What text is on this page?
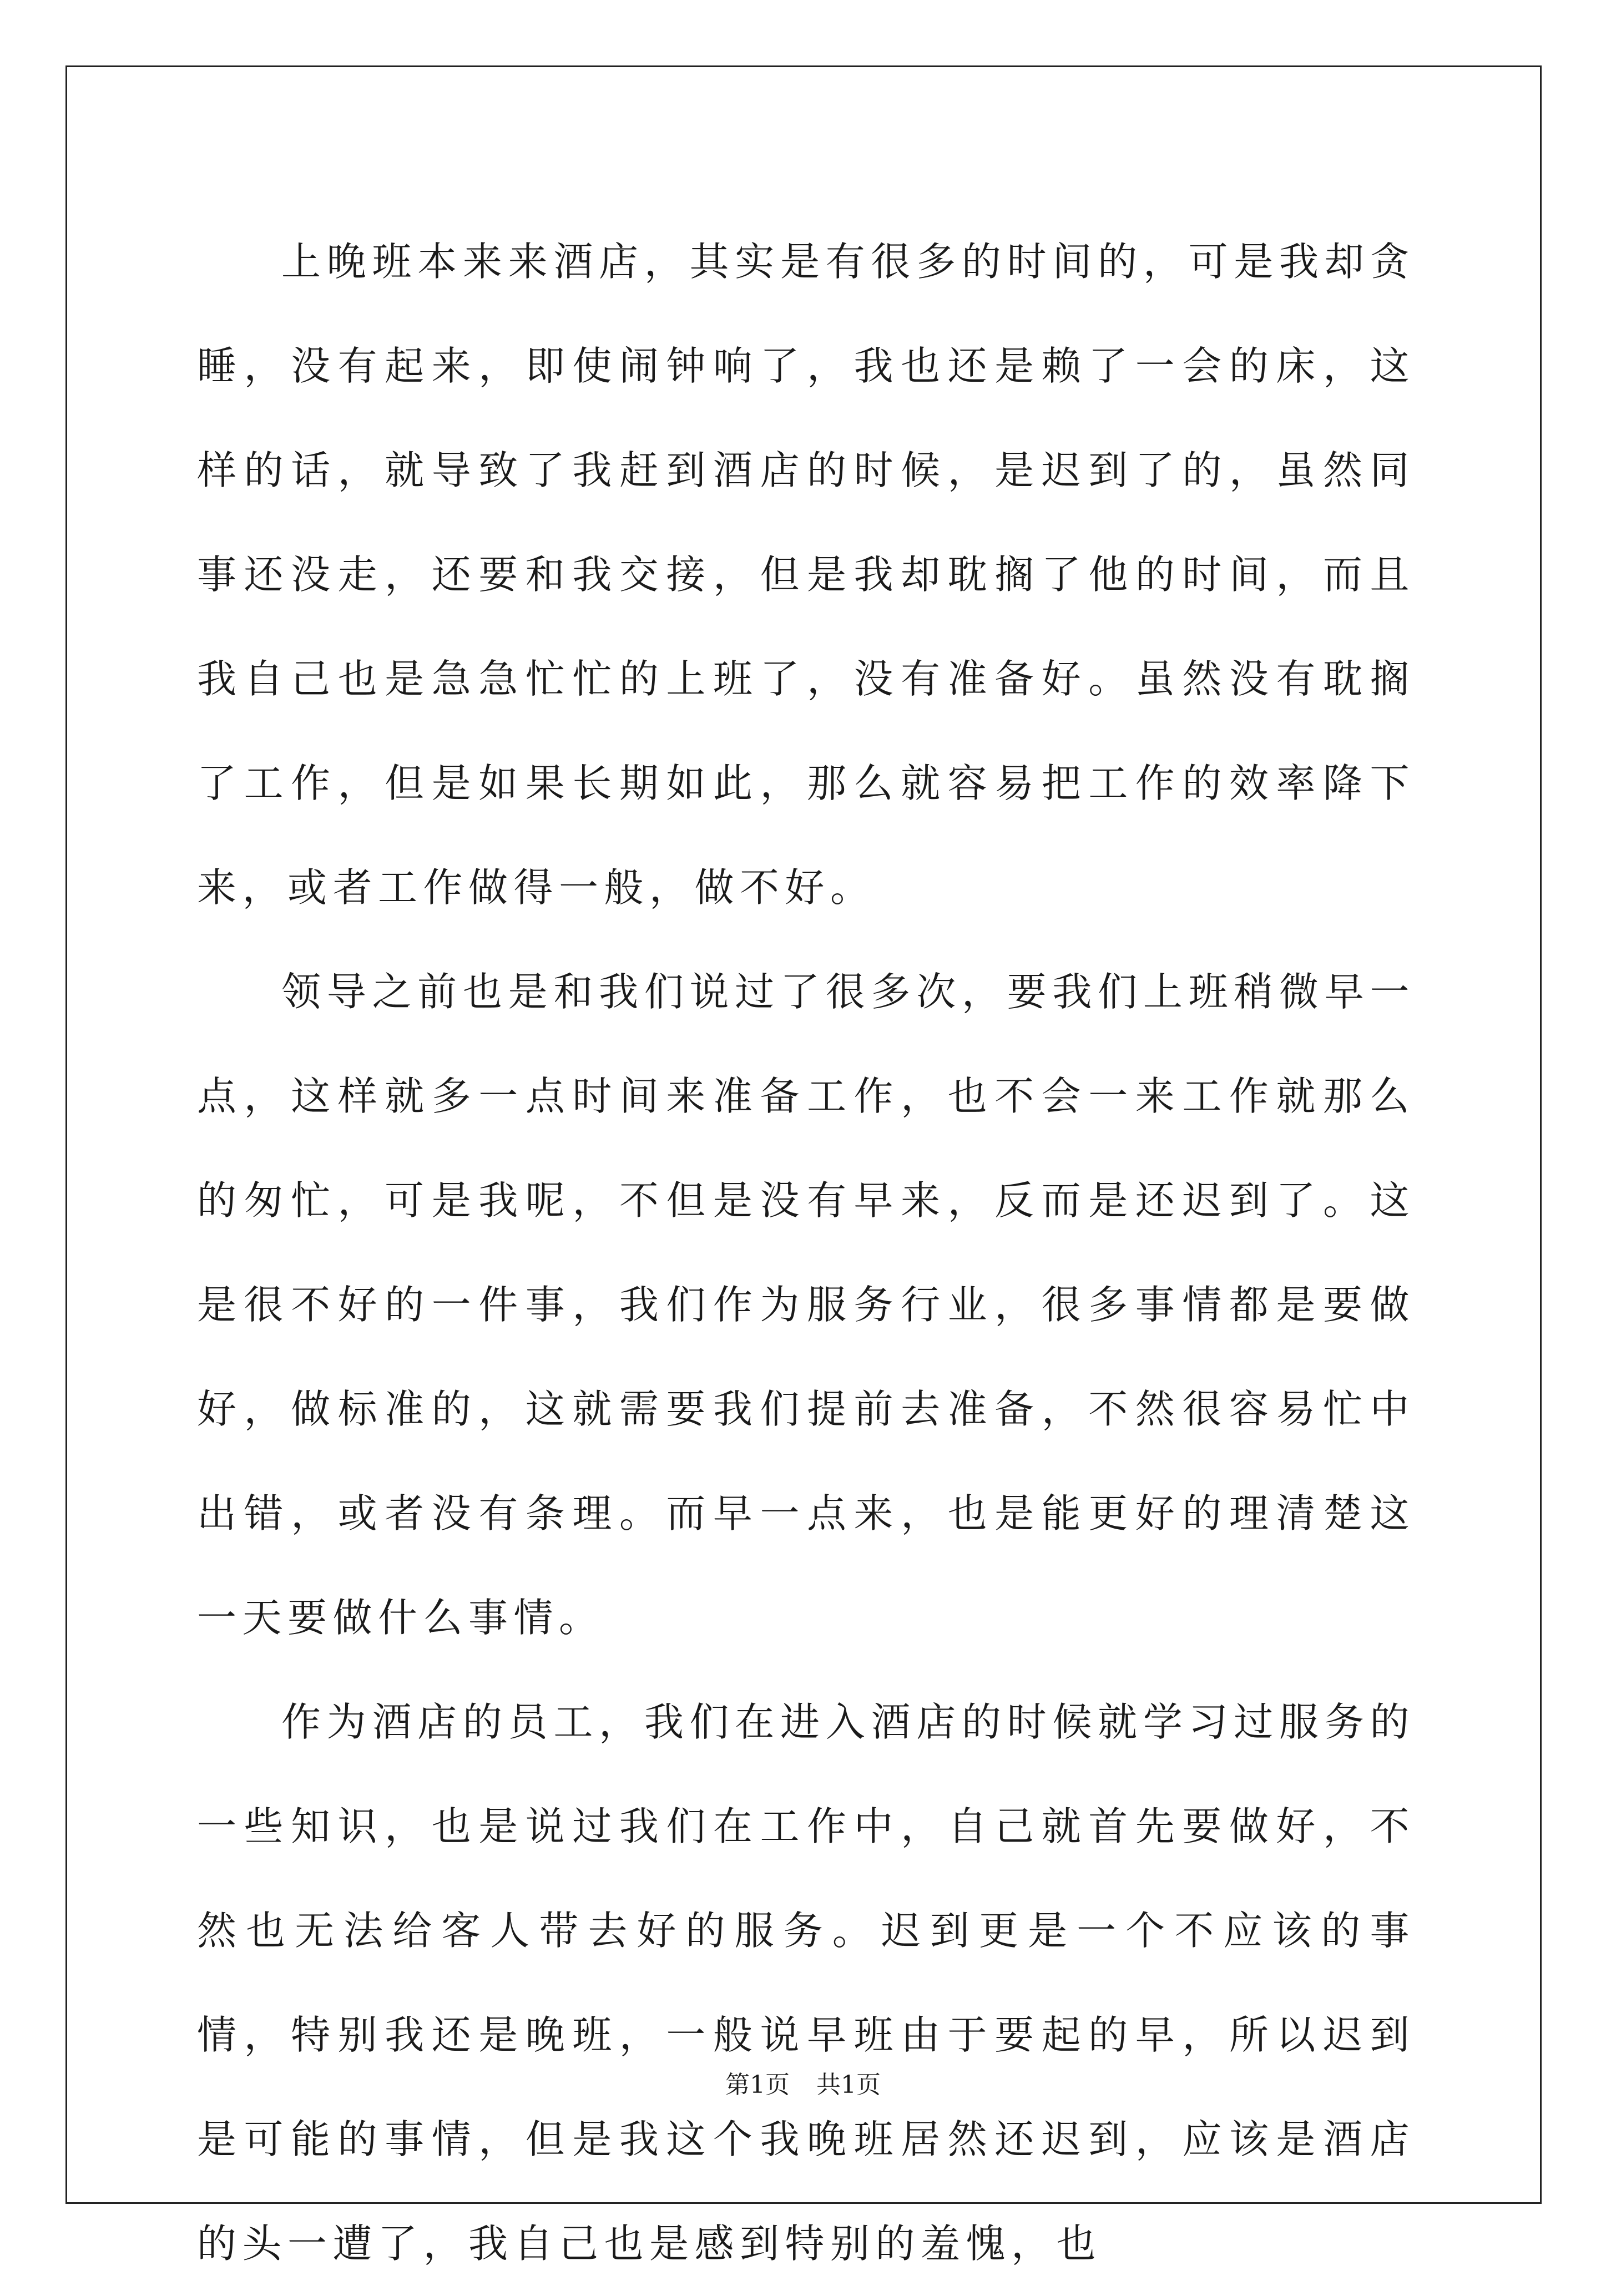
上晚班本来来酒店，其实是有很多的时间的，可是我却贪睡，没有起来，即使闹钟响了，我也还是赖了一会的床，这样的话，就导致了我赶到酒店的时候，是迟到了的，虽然同事还没走，还要和我交接，但是我却耽搁了他的时间，而且我自己也是急急忙忙的上班了，没有准备好。虽然没有耽搁了工作，但是如果长期如此，那么就容易把工作的效率降下来，或者工作做得一般，做不好。

领导之前也是和我们说过了很多次，要我们上班稍微早一点，这样就多一点时间来准备工作，也不会一来工作就那么的匆忙，可是我呢，不但是没有早来，反而是还迟到了。这是很不好的一件事，我们作为服务行业，很多事情都是要做好，做标准的，这就需要我们提前去准备，不然很容易忙中出错，或者没有条理。而早一点来，也是能更好的理清楚这一天要做什么事情。

作为酒店的员工，我们在进入酒店的时候就学习过服务的一些知识，也是说过我们在工作中，自己就首先要做好，不然也无法给客人带去好的服务。迟到更是一个不应该的事情，特别我还是晚班，一般说早班由于要起的早，所以迟到是可能的事情，但是我这个我晚班居然还迟到，应该是酒店的头一遭了，我自己也是感到特别的羞愧，也

第1页 共1页
